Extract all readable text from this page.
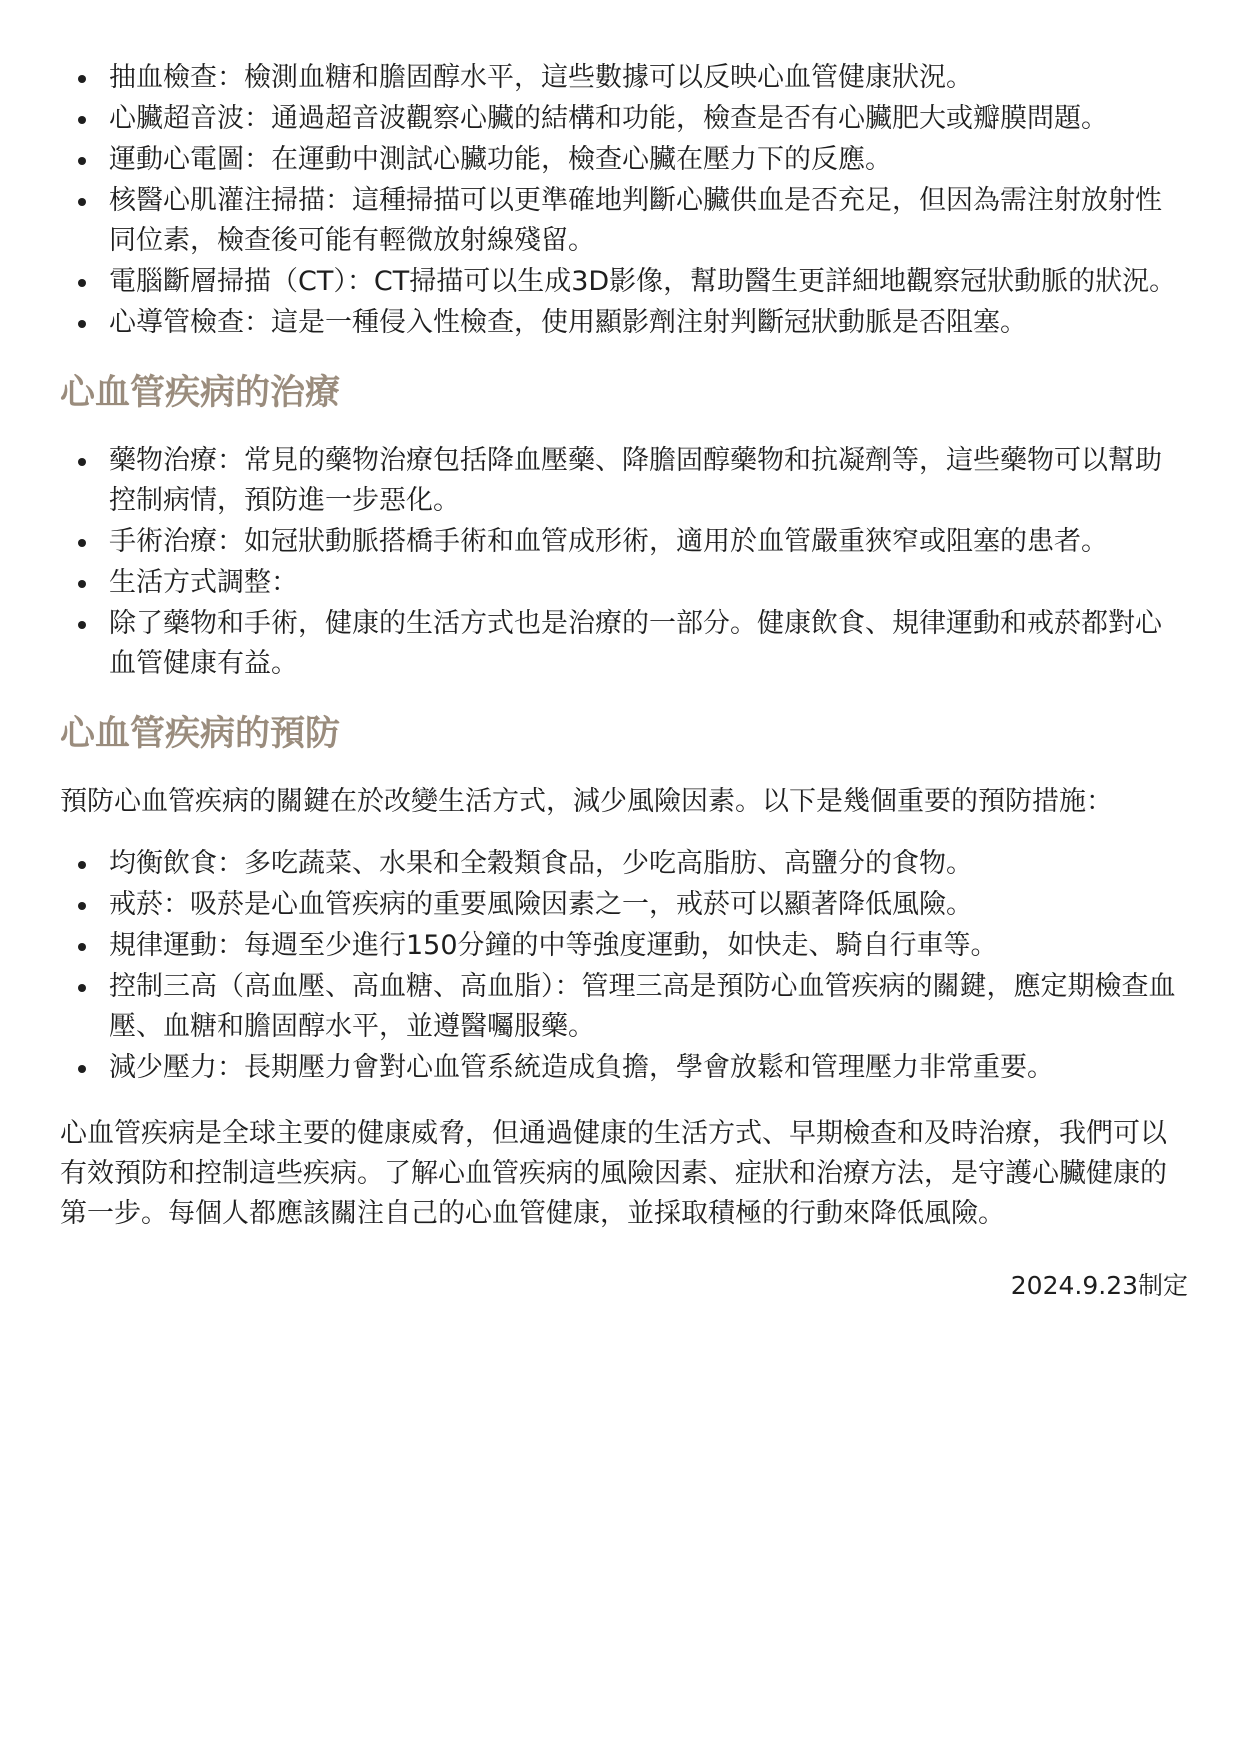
抽血檢查：檢測血糖和膽固醇水平，這些數據可以反映心血管健康狀況。
心臟超音波：通過超音波觀察心臟的結構和功能，檢查是否有心臟肥大或瓣膜問題。
運動心電圖：在運動中測試心臟功能，檢查心臟在壓力下的反應。
核醫心肌灌注掃描：這種掃描可以更準確地判斷心臟供血是否充足，但因為需注射放射性同位素，檢查後可能有輕微放射線殘留。
電腦斷層掃描（CT）：CT掃描可以生成3D影像，幫助醫生更詳細地觀察冠狀動脈的狀況。
心導管檢查：這是一種侵入性檢查，使用顯影劑注射判斷冠狀動脈是否阻塞。
心血管疾病的治療
藥物治療：常見的藥物治療包括降血壓藥、降膽固醇藥物和抗凝劑等，這些藥物可以幫助控制病情，預防進一步惡化。
手術治療：如冠狀動脈搭橋手術和血管成形術，適用於血管嚴重狹窄或阻塞的患者。
生活方式調整：
除了藥物和手術，健康的生活方式也是治療的一部分。健康飲食、規律運動和戒菸都對心血管健康有益。
心血管疾病的預防

預防心血管疾病的關鍵在於改變生活方式，減少風險因素。以下是幾個重要的預防措施：

均衡飲食：多吃蔬菜、水果和全穀類食品，少吃高脂肪、高鹽分的食物。
戒菸：吸菸是心血管疾病的重要風險因素之一，戒菸可以顯著降低風險。
規律運動：每週至少進行150分鐘的中等強度運動，如快走、騎自行車等。
控制三高（高血壓、高血糖、高血脂）：管理三高是預防心血管疾病的關鍵，應定期檢查血壓、血糖和膽固醇水平，並遵醫囑服藥。
減少壓力：長期壓力會對心血管系統造成負擔，學會放鬆和管理壓力非常重要。

心血管疾病是全球主要的健康威脅，但通過健康的生活方式、早期檢查和及時治療，我們可以有效預防和控制這些疾病。了解心血管疾病的風險因素、症狀和治療方法，是守護心臟健康的第一步。每個人都應該關注自己的心血管健康，並採取積極的行動來降低風險。

2024.9.23制定
